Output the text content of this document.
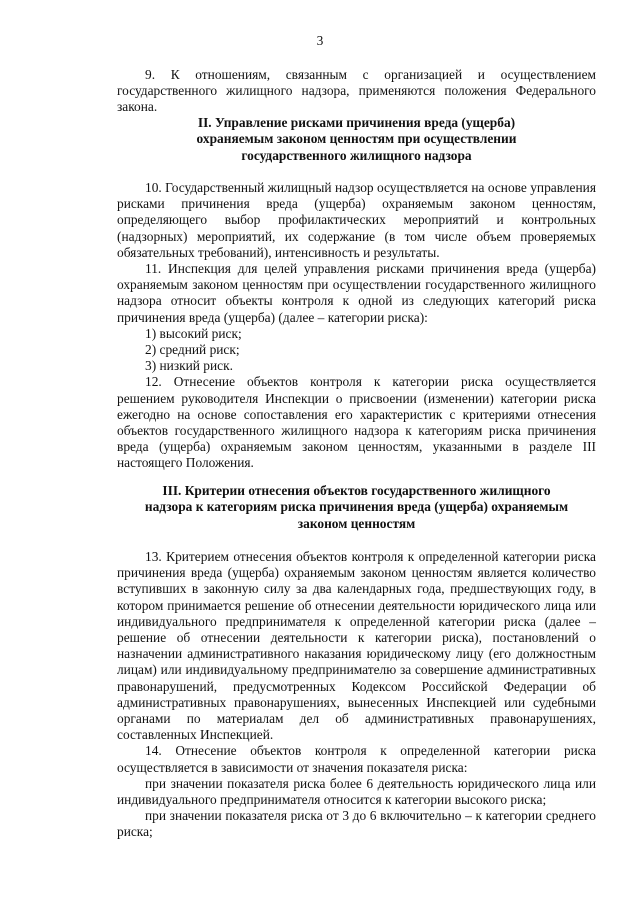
3

9. К отношениям, связанным с организацией и осуществлением государственного жилищного надзора, применяются положения Федерального закона.

II. Управление рисками причинения вреда (ущерба)
охраняемым законом ценностям при осуществлении
государственного жилищного надзора

10. Государственный жилищный надзор осуществляется на основе управления рисками причинения вреда (ущерба) охраняемым законом ценностям, определяющего выбор профилактических мероприятий и контрольных (надзорных) мероприятий, их содержание (в том числе объем проверяемых обязательных требований), интенсивность и результаты.

11. Инспекция для целей управления рисками причинения вреда (ущерба) охраняемым законом ценностям при осуществлении государственного жилищного надзора относит объекты контроля к одной из следующих категорий риска причинения вреда (ущерба) (далее – категории риска):

1) высокий риск;

2) средний риск;

3) низкий риск.

12. Отнесение объектов контроля к категории риска осуществляется решением руководителя Инспекции о присвоении (изменении) категории риска ежегодно на основе сопоставления его характеристик с критериями отнесения объектов государственного жилищного надзора к категориям риска причинения вреда (ущерба) охраняемым законом ценностям, указанными в разделе III настоящего Положения.

III. Критерии отнесения объектов государственного жилищного
надзора к категориям риска причинения вреда (ущерба) охраняемым
законом ценностям

13. Критерием отнесения объектов контроля к определенной категории риска причинения вреда (ущерба) охраняемым законом ценностям является количество вступивших в законную силу за два календарных года, предшествующих году, в котором принимается решение об отнесении деятельности юридического лица или индивидуального предпринимателя к определенной категории риска (далее – решение об отнесении деятельности к категории риска), постановлений о назначении административного наказания юридическому лицу (его должностным лицам) или индивидуальному предпринимателю за совершение административных правонарушений, предусмотренных Кодексом Российской Федерации об административных правонарушениях, вынесенных Инспекцией или судебными органами по материалам дел об административных правонарушениях, составленных Инспекцией.

14. Отнесение объектов контроля к определенной категории риска осуществляется в зависимости от значения показателя риска:

при значении показателя риска более 6 деятельность юридического лица или индивидуального предпринимателя относится к категории высокого риска;

при значении показателя риска от 3 до 6 включительно – к категории среднего риска;
